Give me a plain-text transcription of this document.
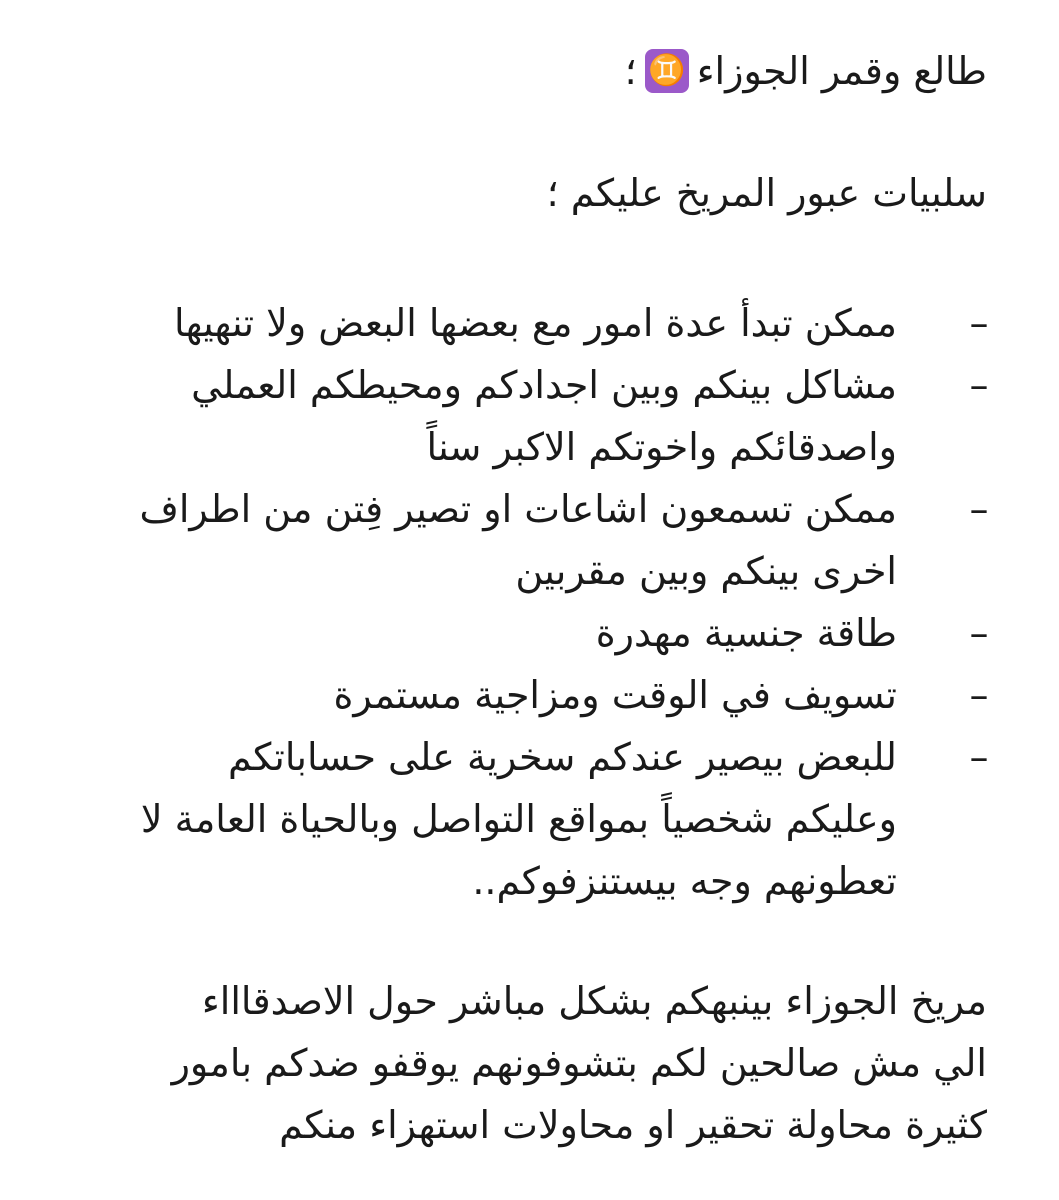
طالع وقمر الجوزاء
♊
؛

سلبيات عبور المريخ عليكم ؛

–
ممكن تبدأ عدة امور مع بعضها البعض ولا تنهيها
–
مشاكل بينكم وبين اجدادكم ومحيطكم العملي
واصدقائكم واخوتكم الاكبر سناً
–
ممكن تسمعون اشاعات او تصير فِتن من اطراف
اخرى بينكم وبين مقربين
–
طاقة جنسية مهدرة
–
تسويف في الوقت ومزاجية مستمرة
–
للبعض بيصير عندكم سخرية على حساباتكم
وعليكم شخصياً بمواقع التواصل وبالحياة العامة لا
تعطونهم وجه بيستنزفوكم..

مريخ الجوزاء بينبهكم بشكل مباشر حول الاصدقاااء

الي مش صالحين لكم بتشوفونهم يوقفو ضدكم بامور

كثيرة محاولة تحقير او محاولات استهزاء منكم
